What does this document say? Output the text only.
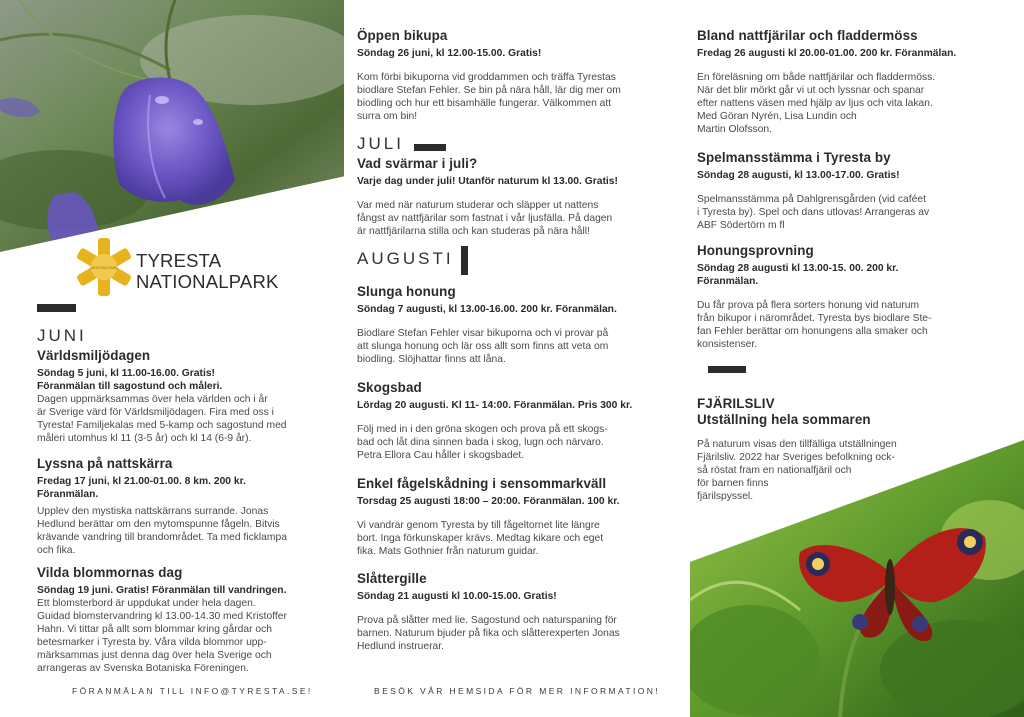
NATIONALPARK TYRESTA
NATIONALPARK
JUNI
Världsmiljödagen
Söndag 5 juni, kl 11.00-16.00. Gratis!
Föranmälan till sagostund och måleri.
Dagen uppmärksammas över hela världen och i år
är Sverige värd för Världsmiljödagen. Fira med oss i
Tyresta! Familjekalas med 5-kamp och sagostund med
måleri utomhus kl 11 (3-5 år) och kl 14 (6-9 år).
Lyssna på nattskärra
Fredag 17 juni, kl 21.00-01.00. 8 km. 200 kr.
Föranmälan.
Upplev den mystiska nattskärrans surrande. Jonas
Hedlund berättar om den mytomspunne fågeln. Bitvis
krävande vandring till brandområdet. Ta med ficklampa
och fika.
Vilda blommornas dag
Söndag 19 juni. Gratis! Föranmälan till vandringen.
Ett blomsterbord är uppdukat under hela dagen.
Guidad blomstervandring kl 13.00-14.30 med Kristoffer
Hahn. Vi tittar på allt som blommar kring gårdar och
betesmarker i Tyresta by. Våra vilda blommor upp-
märksammas just denna dag över hela Sverige och
arrangeras av Svenska Botaniska Föreningen.
FÖRANMÄLAN TILL INFO@TYRESTA.SE!
Öppen bikupa
Söndag 26 juni, kl 12.00-15.00. Gratis!
Kom förbi bikuporna vid groddammen och träffa Tyrestas
biodlare Stefan Fehler. Se bin på nära håll, lär dig mer om
biodling och hur ett bisamhälle fungerar. Välkommen att
surra om bin!
JULI
Vad svärmar i juli?
Varje dag under juli! Utanför naturum kl 13.00. Gratis!
Var med när naturum studerar och släpper ut nattens
fångst av nattfjärilar som fastnat i vår ljusfälla. På dagen
är nattfjärilarna stilla och kan studeras på nära håll!
AUGUSTI
Slunga honung
Söndag 7 augusti, kl 13.00-16.00. 200 kr. Föranmälan.
Biodlare Stefan Fehler visar bikuporna och vi provar på
att slunga honung och lär oss allt som finns att veta om
biodling. Slöjhattar finns att låna.
Skogsbad
Lördag 20 augusti. Kl 11- 14:00. Föranmälan. Pris 300 kr.
Följ med in i den gröna skogen och prova på ett skogs-
bad och låt dina sinnen bada i skog, lugn och närvaro.
Petra Ellora Cau håller i skogsbadet.
Enkel fågelskådning i sensommarkväll
Torsdag 25 augusti 18:00 – 20:00. Föranmälan. 100 kr.
Vi vandrar genom Tyresta by till fågeltornet lite längre
bort. Inga förkunskaper krävs. Medtag kikare och eget
fika. Mats Gothnier från naturum guidar.
Slåttergille
Söndag 21 augusti kl 10.00-15.00. Gratis!
Prova på slåtter med lie. Sagostund och naturspaning för
barnen. Naturum bjuder på fika och slåtterexperten Jonas
Hedlund instruerar.
BESÖK VÅR HEMSIDA FÖR MER INFORMATION!
Bland nattfjärilar och fladdermöss
Fredag 26 augusti kl 20.00-01.00. 200 kr. Föranmälan.
En föreläsning om både nattfjärilar och fladdermöss.
När det blir mörkt går vi ut och lyssnar och spanar
efter nattens väsen med hjälp av ljus och vita lakan.
Med Göran Nyrén, Lisa Lundin och
Martin Olofsson.
Spelmansstämma i Tyresta by
Söndag 28 augusti, kl 13.00-17.00. Gratis!
Spelmansstämma på Dahlgrensgården (vid caféet
i Tyresta by). Spel och dans utlovas! Arrangeras av
ABF Södertörn m fl
Honungsprovning
Söndag 28 augusti kl 13.00-15. 00. 200 kr.
Föranmälan.
Du får prova på flera sorters honung vid naturum
från bikupor i närområdet. Tyresta bys biodlare Ste-
fan Fehler berättar om honungens alla smaker och
konsistenser.
FJÄRILSLIV
Utställning hela sommaren
På naturum visas den tillfälliga utställningen
Fjärilsliv. 2022 har Sveriges befolkning ock-
så röstat fram en nationalfjäril och
för barnen finns
fjärilspyssel.
